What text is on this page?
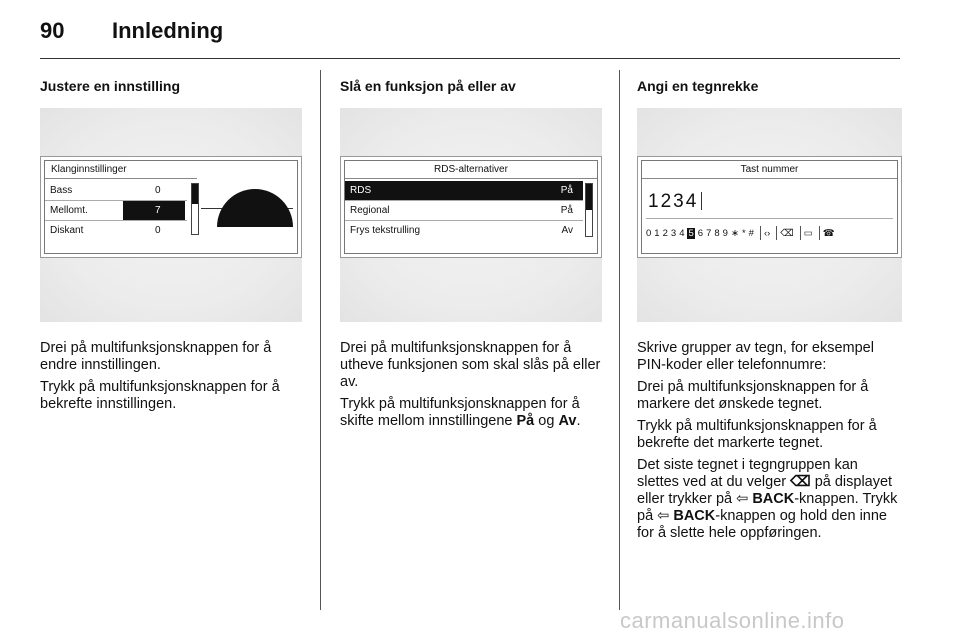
90 Innledning
Justere en innstilling
Klanginnstillinger
Bass	0
Mellomt.	7
Diskant	0

Drei på multifunksjonsknappen for å endre innstillingen.

Trykk på multifunksjonsknappen for å bekrefte innstillingen.

Slå en funksjon på eller av
RDS-alternativer
RDS	På
Regional	På
Frys tekstrulling	Av

Drei på multifunksjonsknappen for å utheve funksjonen som skal slås på eller av.

Trykk på multifunksjonsknappen for å skifte mellom innstillingene På og Av.

Angi en tegnrekke
Tast nummer
1234
0 1 2 3 4 5 6 7 8 9 ∗ * # ‹› ⌫ ▭ ☎

Skrive grupper av tegn, for eksempel PIN-koder eller telefonnumre:

Drei på multifunksjonsknappen for å markere det ønskede tegnet.

Trykk på multifunksjonsknappen for å bekrefte det markerte tegnet.

Det siste tegnet i tegngruppen kan slettes ved at du velger ⌫ på displayet eller trykker på ⇦ BACK-knappen. Trykk på ⇦ BACK-knappen og hold den inne for å slette hele oppføringen.

carmanualsonline.info
